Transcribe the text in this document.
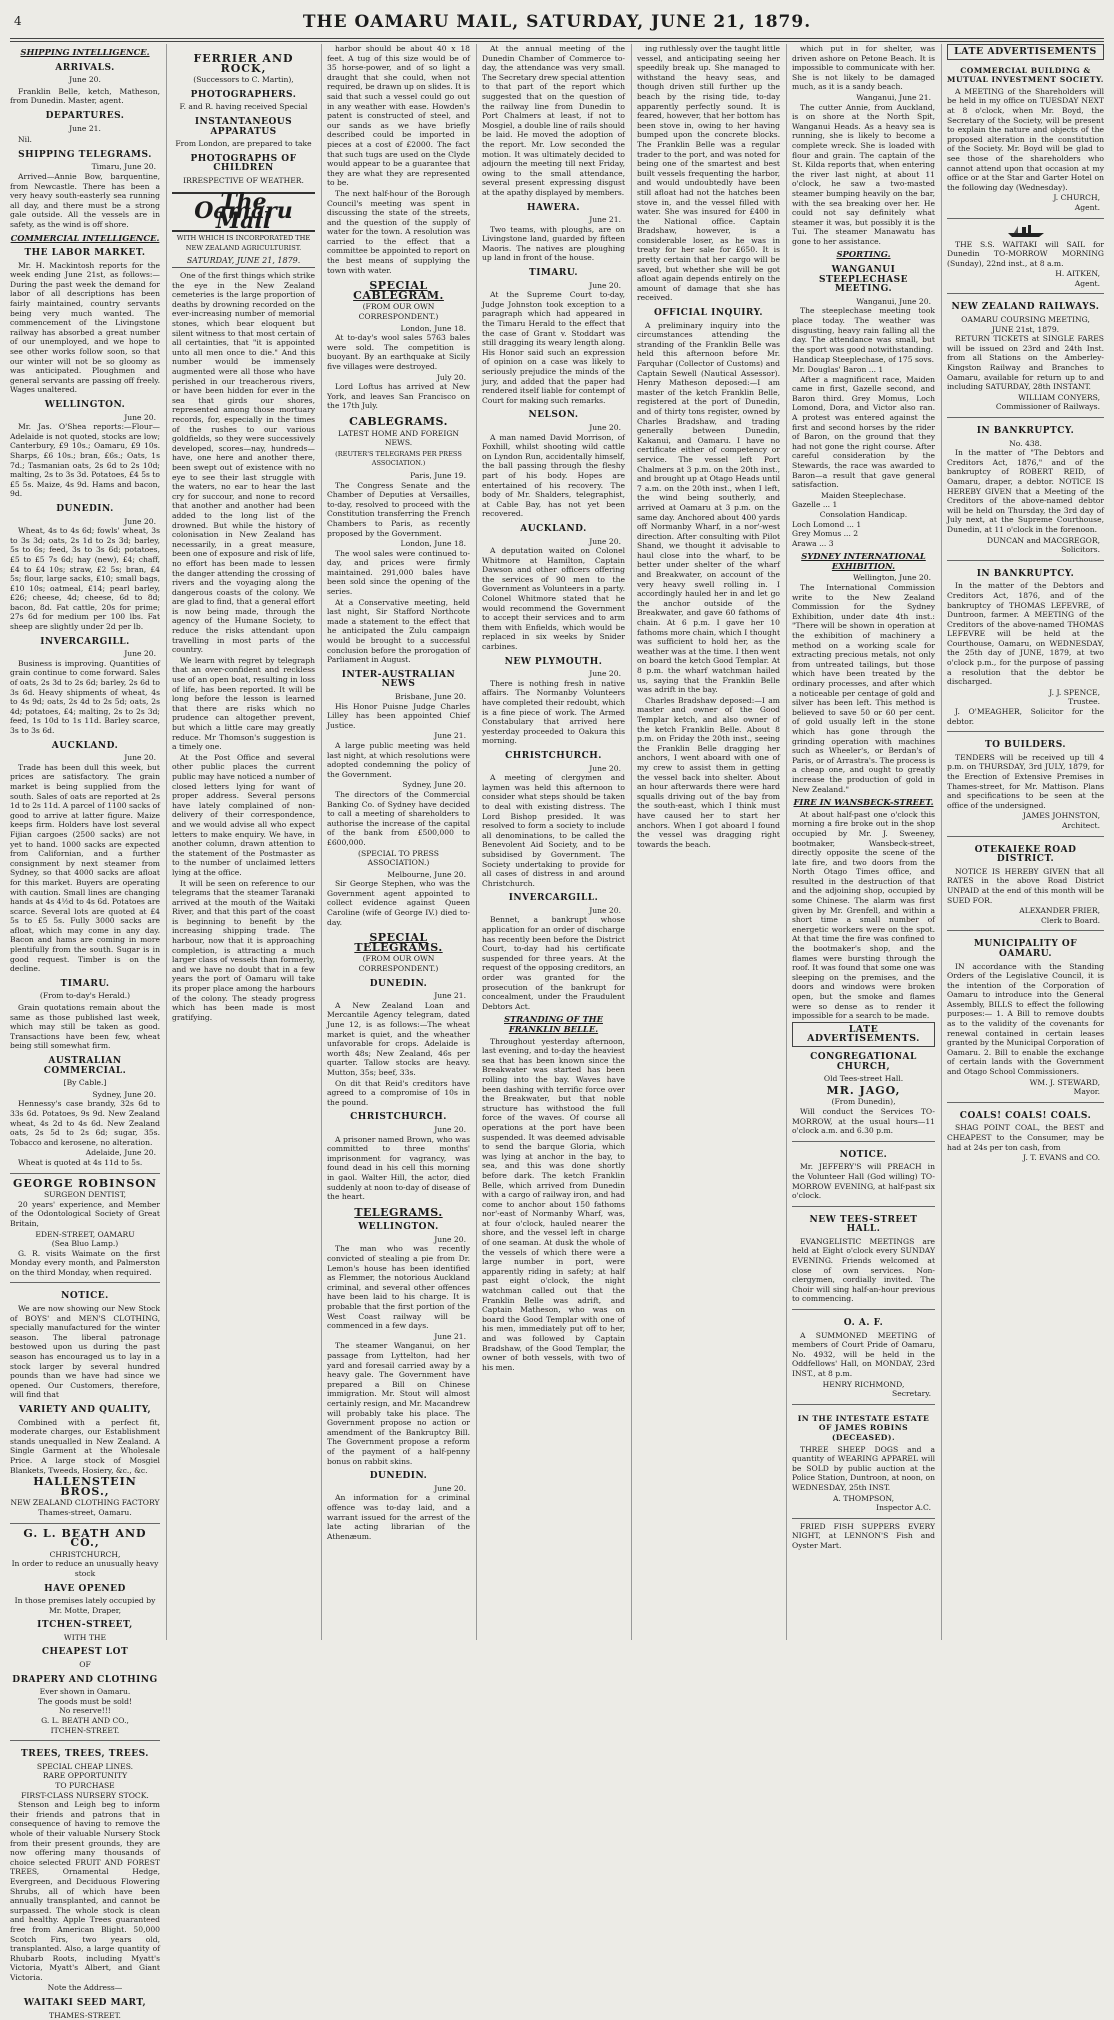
4	THE OAMARU MAIL, SATURDAY, JUNE 21, 1879.
SHIPPING INTELLIGENCE.
ARRIVALS.
June 20.

Franklin Belle, ketch, Matheson, from Dunedin. Master, agent.

DEPARTURES.
June 21.

Nil.

SHIPPING TELEGRAMS.
Timaru, June 20.

Arrived—Annie Bow, barquentine, from Newcastle. There has been a very heavy south-easterly sea running all day, and there must be a strong gale outside. All the vessels are in safety, as the wind is off shore.

COMMERCIAL INTELLIGENCE.
THE LABOR MARKET.

Mr. H. Mackintosh reports for the week ending June 21st, as follows:—During the past week the demand for labor of all descriptions has been fairly maintained, country servants being very much wanted. The commencement of the Livingstone railway has absorbed a great number of our unemployed, and we hope to see other works follow soon, so that our winter will not be so gloomy as was anticipated. Ploughmen and general servants are passing off freely. Wages unaltered.

WELLINGTON.
June 20.

Mr. Jas. O'Shea reports:—Flour—Adelaide is not quoted, stocks are low; Canterbury, £9 10s.; Oamaru, £9 10s. Sharps, £6 10s.; bran, £6s.; Oats, 1s 7d.; Tasmanian oats, 2s 6d to 2s 10d; malting, 2s to 3s 3d. Potatoes, £4 5s to £5 5s. Maize, 4s 9d. Hams and bacon, 9d.

DUNEDIN.
June 20.

Wheat, 4s to 4s 6d; fowls' wheat, 3s to 3s 3d; oats, 2s 1d to 2s 3d; barley, 5s to 6s; feed, 3s to 3s 6d; potatoes, £5 to £5 7s 6d; hay (new), £4; chaff, £4 to £4 10s; straw, £2 5s; bran, £4 5s; flour, large sacks, £10; small bags, £10 10s; oatmeal, £14; pearl barley, £26; cheese, 4d; cheese, 6d to 8d; bacon, 8d. Fat cattle, 20s for prime; 27s 6d for medium per 100 lbs. Fat sheep are slightly under 2d per lb.

INVERCARGILL.
June 20.

Business is improving. Quantities of grain continue to come forward. Sales of oats, 2s 3d to 2s 6d; barley, 2s 6d to 3s 6d. Heavy shipments of wheat, 4s to 4s 9d; oats, 2s 4d to 2s 5d; oats, 2s 4d; potatoes, £4; malting, 2s to 2s 3d; feed, 1s 10d to 1s 11d. Barley scarce, 3s to 3s 6d.

AUCKLAND.
June 20.

Trade has been dull this week, but prices are satisfactory. The grain market is being supplied from the south. Sales of oats are reported at 2s 1d to 2s 11d. A parcel of 1100 sacks of good to arrive at latter figure. Maize keeps firm. Holders have lost several Fijian cargoes (2500 sacks) are not yet to hand. 1000 sacks are expected from Californian, and a further consignment by next steamer from Sydney, so that 4000 sacks are afloat for this market. Buyers are operating with caution. Small lines are changing hands at 4s 4½d to 4s 6d. Potatoes are scarce. Several lots are quoted at £4 5s to £5 5s. Fully 3000 sacks are afloat, which may come in any day. Bacon and hams are coming in more plentifully from the south. Sugar is in good request. Timber is on the decline.

TIMARU.
(From to-day's Herald.)

Grain quotations remain about the same as those published last week, which may still be taken as good. Transactions have been few, wheat being still somewhat firm.

AUSTRALIAN COMMERCIAL.
[By Cable.]
Sydney, June 20.

Hennessy's case brandy, 32s 6d to 33s 6d. Potatoes, 9s 9d. New Zealand wheat, 4s 2d to 4s 6d. New Zealand oats, 2s 5d to 2s 6d; sugar, 35s. Tobacco and kerosene, no alteration.

Adelaide, June 20.

Wheat is quoted at 4s 11d to 5s.

GEORGE ROBINSON
SURGEON DENTIST,

20 years' experience, and Member of the Odontological Society of Great Britain,

EDEN-STREET, OAMARU
(Sea Bluo Lamp.)

G. R. visits Waimate on the first Monday every month, and Palmerston on the third Monday, when required.

NOTICE.

We are now showing our New Stock of BOYS' and MEN'S CLOTHING, specially manufactured for the winter season. The liberal patronage bestowed upon us during the past season has encouraged us to lay in a stock larger by several hundred pounds than we have had since we opened. Our Customers, therefore, will find that

VARIETY AND QUALITY,

Combined with a perfect fit, moderate charges, our Establishment stands unequalled in New Zealand. A Single Garment at the Wholesale Price. A large stock of Mosgiel Blankets, Tweeds, Hosiery, &c., &c.

HALLENSTEIN BROS.,
NEW ZEALAND CLOTHING FACTORY
Thames-street, Oamaru.
G. L. BEATH AND CO.,
CHRISTCHURCH,
In order to reduce an unusually heavy stock
HAVE OPENED
In those premises lately occupied by Mr. Motte, Draper,
ITCHEN-STREET,
WITH THE
CHEAPEST LOT
OF
DRAPERY AND CLOTHING
Ever shown in Oamaru.
The goods must be sold!
No reserve!!!
G. L. BEATH AND CO.,
ITCHEN-STREET.
TREES, TREES, TREES.
SPECIAL CHEAP LINES.
RARE OPPORTUNITY
TO PURCHASE
FIRST-CLASS NURSERY STOCK.

Stenson and Leigh beg to inform their friends and patrons that in consequence of having to remove the whole of their valuable Nursery Stock from their present grounds, they are now offering many thousands of choice selected FRUIT AND FOREST TREES, Ornamental Hedge, Evergreen, and Deciduous Flowering Shrubs, all of which have been annually transplanted, and cannot be surpassed. The whole stock is clean and healthy. Apple Trees guaranteed free from American Blight. 50,000 Scotch Firs, two years old, transplanted. Also, a large quantity of Rhubarb Roots, including Myatt's Victoria, Myatt's Albert, and Giant Victoria.

Note the Address—
WAITAKI SEED MART,
THAMES-STREET.
FERRIER AND ROCK,
(Successors to C. Martin),
PHOTOGRAPHERS.
F. and R. having received Special
INSTANTANEOUS APPARATUS
From London, are prepared to take
PHOTOGRAPHS OF CHILDREN
IRRESPECTIVE OF WEATHER.
The Oamaru Mail
WITH WHICH IS INCORPORATED THE NEW ZEALAND AGRICULTURIST.
SATURDAY, JUNE 21, 1879.

One of the first things which strike the eye in the New Zealand cemeteries is the large proportion of deaths by drowning recorded on the ever-increasing number of memorial stones, which bear eloquent but silent witness to that most certain of all certainties, that "it is appointed unto all men once to die." And this number would be immensely augmented were all those who have perished in our treacherous rivers, or have been hidden for ever in the sea that girds our shores, represented among those mortuary records, for, especially in the times of the rushes to our various goldfields, so they were successively developed, scores—nay, hundreds—have, one here and another there, been swept out of existence with no eye to see their last struggle with the waters, no ear to hear the last cry for succour, and none to record that another and another had been added to the long list of the drowned. But while the history of colonisation in New Zealand has necessarily, in a great measure, been one of exposure and risk of life, no effort has been made to lessen the danger attending the crossing of rivers and the voyaging along the dangerous coasts of the colony. We are glad to find, that a general effort is now being made, through the agency of the Humane Society, to reduce the risks attendant upon travelling in most parts of the country.

We learn with regret by telegraph that an over-confident and reckless use of an open boat, resulting in loss of life, has been reported. It will be long before the lesson is learned that there are risks which no prudence can altogether prevent, but which a little care may greatly reduce. Mr Thomson's suggestion is a timely one.

At the Post Office and several other public places the current public may have noticed a number of closed letters lying for want of proper address. Several persons have lately complained of non-delivery of their correspondence, and we would advise all who expect letters to make enquiry. We have, in another column, drawn attention to the statement of the Postmaster as to the number of unclaimed letters lying at the office.

It will be seen on reference to our telegrams that the steamer Taranaki arrived at the mouth of the Waitaki River, and that this part of the coast is beginning to benefit by the increasing shipping trade. The harbour, now that it is approaching completion, is attracting a much larger class of vessels than formerly, and we have no doubt that in a few years the port of Oamaru will take its proper place among the harbours of the colony. The steady progress which has been made is most gratifying.

harbor should be about 40 x 18 feet. A tug of this size would be of 35 horse-power, and of so light a draught that she could, when not required, be drawn up on slides. It is said that such a vessel could go out in any weather with ease. Howden's patent is constructed of steel, and our sands as we have briefly described could be imported in pieces at a cost of £2000. The fact that such tugs are used on the Clyde would appear to be a guarantee that they are what they are represented to be.

The next half-hour of the Borough Council's meeting was spent in discussing the state of the streets, and the question of the supply of water for the town. A resolution was carried to the effect that a committee be appointed to report on the best means of supplying the town with water.

SPECIAL CABLEGRAM.
(FROM OUR OWN CORRESPONDENT.)
London, June 18.

At to-day's wool sales 5763 bales were sold. The competition is buoyant. By an earthquake at Sicily five villages were destroyed.

July 20.

Lord Loftus has arrived at New York, and leaves San Francisco on the 17th July.

CABLEGRAMS.
LATEST HOME AND FOREIGN NEWS.
(REUTER'S TELEGRAMS PER PRESS ASSOCIATION.)
Paris, June 19.

The Congress Senate and the Chamber of Deputies at Versailles, to-day, resolved to proceed with the Constitution transferring the French Chambers to Paris, as recently proposed by the Government.

London, June 18.

The wool sales were continued to-day, and prices were firmly maintained. 291,000 bales have been sold since the opening of the series.

At a Conservative meeting, held last night, Sir Stafford Northcote made a statement to the effect that he anticipated the Zulu campaign would be brought to a successful conclusion before the prorogation of Parliament in August.

INTER-AUSTRALIAN NEWS
Brisbane, June 20.

His Honor Puisne Judge Charles Lilley has been appointed Chief Justice.

June 21.

A large public meeting was held last night, at which resolutions were adopted condemning the policy of the Government.

Sydney, June 20.

The directors of the Commercial Banking Co. of Sydney have decided to call a meeting of shareholders to authorise the increase of the capital of the bank from £500,000 to £600,000.

(SPECIAL TO PRESS ASSOCIATION.)
Melbourne, June 20.

Sir George Stephen, who was the Government agent appointed to collect evidence against Queen Caroline (wife of George IV.) died to-day.

SPECIAL TELEGRAMS.
(FROM OUR OWN CORRESPONDENT.)
DUNEDIN.
June 21.

A New Zealand Loan and Mercantile Agency telegram, dated June 12, is as follows:—The wheat market is quiet, and the wheather unfavorable for crops. Adelaide is worth 48s; New Zealand, 46s per quarter. Tallow stocks are heavy. Mutton, 35s; beef, 33s.

On dit that Reid's creditors have agreed to a compromise of 10s in the pound.

CHRISTCHURCH.
June 20.

A prisoner named Brown, who was committed to three months' imprisonment for vagrancy, was found dead in his cell this morning in gaol. Walter Hill, the actor, died suddenly at noon to-day of disease of the heart.

TELEGRAMS.
WELLINGTON.
June 20.

The man who was recently convicted of stealing a pie from Dr. Lemon's house has been identified as Flemmer, the notorious Auckland criminal, and several other offences have been laid to his charge. It is probable that the first portion of the West Coast railway will be commenced in a few days.

June 21.

The steamer Wanganui, on her passage from Lyttelton, had her yard and foresail carried away by a heavy gale. The Government have prepared a Bill on Chinese immigration. Mr. Stout will almost certainly resign, and Mr. Macandrew will probably take his place. The Government propose no action or amendment of the Bankruptcy Bill. The Government propose a reform of the payment of a half-penny bonus on rabbit skins.

DUNEDIN.
June 20.

An information for a criminal offence was to-day laid, and a warrant issued for the arrest of the late acting librarian of the Athenæum.

At the annual meeting of the Dunedin Chamber of Commerce to-day, the attendance was very small. The Secretary drew special attention to that part of the report which suggested that on the question of the railway line from Dunedin to Port Chalmers at least, if not to Mosgiel, a double line of rails should be laid. He moved the adoption of the report. Mr. Low seconded the motion. It was ultimately decided to adjourn the meeting till next Friday, owing to the small attendance, several present expressing disgust at the apathy displayed by members.

HAWERA.
June 21.

Two teams, with ploughs, are on Livingstone land, guarded by fifteen Maoris. The natives are ploughing up land in front of the house.

TIMARU.
June 20.

At the Supreme Court to-day, Judge Johnston took exception to a paragraph which had appeared in the Timaru Herald to the effect that the case of Grant v. Stoddart was still dragging its weary length along. His Honor said such an expression of opinion on a case was likely to seriously prejudice the minds of the jury, and added that the paper had rendered itself liable for contempt of Court for making such remarks.

NELSON.
June 20.

A man named David Morrison, of Foxhill, whilst shooting wild cattle on Lyndon Run, accidentally himself, the ball passing through the fleshy part of his body. Hopes are entertained of his recovery. The body of Mr. Shalders, telegraphist, at Cable Bay, has not yet been recovered.

AUCKLAND.
June 20.

A deputation waited on Colonel Whitmore at Hamilton, Captain Dawson and other officers offering the services of 90 men to the Government as Volunteers in a party. Colonel Whitmore stated that he would recommend the Government to accept their services and to arm them with Enfields, which would be replaced in six weeks by Snider carbines.

NEW PLYMOUTH.
June 20.

There is nothing fresh in native affairs. The Normanby Volunteers have completed their redoubt, which is a fine piece of work. The Armed Constabulary that arrived here yesterday proceeded to Oakura this morning.

CHRISTCHURCH.
June 20.

A meeting of clergymen and laymen was held this afternoon to consider what steps should be taken to deal with existing distress. The Lord Bishop presided. It was resolved to form a society to include all denominations, to be called the Benevolent Aid Society, and to be subsidised by Government. The Society undertaking to provide for all cases of distress in and around Christchurch.

INVERCARGILL.
June 20.

Bennet, a bankrupt whose application for an order of discharge has recently been before the District Court, to-day had his certificate suspended for three years. At the request of the opposing creditors, an order was granted for the prosecution of the bankrupt for concealment, under the Fraudulent Debtors Act.

STRANDING OF THE FRANKLIN BELLE.

Throughout yesterday afternoon, last evening, and to-day the heaviest sea that has been known since the Breakwater was started has been rolling into the bay. Waves have been dashing with terrific force over the Breakwater, but that noble structure has withstood the full force of the waves. Of course all operations at the port have been suspended. It was deemed advisable to send the barque Gloria, which was lying at anchor in the bay, to sea, and this was done shortly before dark. The ketch Franklin Belle, which arrived from Dunedin with a cargo of railway iron, and had come to anchor about 150 fathoms nor'-east of Normanby Wharf, was, at four o'clock, hauled nearer the shore, and the vessel left in charge of one seaman. At dusk the whole of the vessels of which there were a large number in port, were apparently riding in safety; at half past eight o'clock, the night watchman called out that the Franklin Belle was adrift, and Captain Matheson, who was on board the Good Templar with one of his men, immediately put off to her, and was followed by Captain Bradshaw, of the Good Templar, the owner of both vessels, with two of his men.

ing ruthlessly over the taught little vessel, and anticipating seeing her speedily break up. She managed to withstand the heavy seas, and though driven still further up the beach by the rising tide, to-day apparently perfectly sound. It is feared, however, that her bottom has been stove in, owing to her having bumped upon the concrete blocks. The Franklin Belle was a regular trader to the port, and was noted for being one of the smartest and best built vessels frequenting the harbor, and would undoubtedly have been still afloat had not the hatches been stove in, and the vessel filled with water. She was insured for £400 in the National office. Captain Bradshaw, however, is a considerable loser, as he was in treaty for her sale for £650. It is pretty certain that her cargo will be saved, but whether she will be got afloat again depends entirely on the amount of damage that she has received.

OFFICIAL INQUIRY.

A preliminary inquiry into the circumstances attending the stranding of the Franklin Belle was held this afternoon before Mr. Farquhar (Collector of Customs) and Captain Sewell (Nautical Assessor). Henry Matheson deposed:—I am master of the ketch Franklin Belle, registered at the port of Dunedin, and of thirty tons register, owned by Charles Bradshaw, and trading generally between Dunedin, Kakanui, and Oamaru. I have no certificate either of competency or service. The vessel left Port Chalmers at 3 p.m. on the 20th inst., and brought up at Otago Heads until 7 a.m. on the 20th inst., when I left, the wind being southerly, and arrived at Oamaru at 3 p.m. on the same day. Anchored about 400 yards off Normanby Wharf, in a nor'-west direction. After consulting with Pilot Shand, we thought it advisable to haul close into the wharf, to be better under shelter of the wharf and Breakwater, on account of the very heavy swell rolling in. I accordingly hauled her in and let go the anchor outside of the Breakwater, and gave 60 fathoms of chain. At 6 p.m. I gave her 10 fathoms more chain, which I thought was sufficient to hold her, as the weather was at the time. I then went on board the ketch Good Templar. At 8 p.m. the wharf watchman hailed us, saying that the Franklin Belle was adrift in the bay.

Charles Bradshaw deposed:—I am master and owner of the Good Templar ketch, and also owner of the ketch Franklin Belle. About 8 p.m. on Friday the 20th inst., seeing the Franklin Belle dragging her anchors, I went aboard with one of my crew to assist them in getting the vessel back into shelter. About an hour afterwards there were hard squalls driving out of the bay from the south-east, which I think must have caused her to start her anchors. When I got aboard I found the vessel was dragging right towards the beach.

which put in for shelter, was driven ashore on Petone Beach. It is impossible to communicate with her. She is not likely to be damaged much, as it is a sandy beach.

Wanganui, June 21.

The cutter Annie, from Auckland, is on shore at the North Spit, Wanganui Heads. As a heavy sea is running, she is likely to become a complete wreck. She is loaded with flour and grain. The captain of the St. Kilda reports that, when entering the river last night, at about 11 o'clock, he saw a two-masted steamer bumping heavily on the bar, with the sea breaking over her. He could not say definitely what steamer it was, but possibly it is the Tui. The steamer Manawatu has gone to her assistance.

SPORTING.
WANGANUI STEEPLECHASE MEETING.
Wanganui, June 20.

The steeplechase meeting took place today. The weather was disgusting, heavy rain falling all the day. The attendance was small, but the sport was good notwithstanding.

Handicap Steeplechase, of 175 sovs.
Mr. Douglas' Baron ... 1

After a magnificent race, Maiden came in first, Gazelle second, and Baron third. Grey Momus, Loch Lomond, Dora, and Victor also ran. A protest was entered against the first and second horses by the rider of Baron, on the ground that they had not gone the right course. After careful consideration by the Stewards, the race was awarded to Baron—a result that gave general satisfaction.

Maiden Steeplechase.
Gazelle ... 1
Consolation Handicap.
Loch Lomond ... 1
Grey Momus ... 2
Arawa ... 3
SYDNEY INTERNATIONAL EXHIBITION.
Wellington, June 20.

The International Commission write to the New Zealand Commission for the Sydney Exhibition, under date 4th inst.: "There will be shown in operation at the exhibition of machinery a method on a working scale for extracting precious metals, not only from untreated tailings, but those which have been treated by the ordinary processes, and after which a noticeable per centage of gold and silver has been left. This method is believed to save 50 or 60 per cent. of gold usually left in the stone which has gone through the grinding operation with machines such as Wheeler's, or Berdan's of Paris, or of Arrastra's. The process is a cheap one, and ought to greatly increase the production of gold in New Zealand."

FIRE IN WANSBECK-STREET.

At about half-past one o'clock this morning a fire broke out in the shop occupied by Mr. J. Sweeney, bootmaker, Wansbeck-street, directly opposite the scene of the late fire, and two doors from the North Otago Times office, and resulted in the destruction of that and the adjoining shop, occupied by some Chinese. The alarm was first given by Mr. Grenfell, and within a short time a small number of energetic workers were on the spot. At that time the fire was confined to the bootmaker's shop, and the flames were bursting through the roof. It was found that some one was sleeping on the premises, and the doors and windows were broken open, but the smoke and flames were so dense as to render it impossible for a search to be made.

LATE ADVERTISEMENTS.
CONGREGATIONAL CHURCH,
Old Tees-street Hall.
MR. JAGO,
(From Dunedin),

Will conduct the Services TO-MORROW, at the usual hours—11 o'clock a.m. and 6.30 p.m.

NOTICE.

Mr. JEFFERY'S will PREACH in the Volunteer Hall (God willing) TO-MORROW EVENING, at half-past six o'clock.

NEW TEES-STREET HALL.

EVANGELISTIC MEETINGS are held at Eight o'clock every SUNDAY EVENING. Friends welcomed at close of own services. Non-clergymen, cordially invited. The Choir will sing half-an-hour previous to commencing.

O. A. F.

A SUMMONED MEETING of members of Court Pride of Oamaru, No. 4932, will be held in the Oddfellows' Hall, on MONDAY, 23rd INST., at 8 p.m.

HENRY RICHMOND,
Secretary.
IN THE INTESTATE ESTATE OF JAMES ROBINS (DECEASED).

THREE SHEEP DOGS and a quantity of WEARING APPAREL will be SOLD by public auction at the Police Station, Duntroon, at noon, on WEDNESDAY, 25th INST.

A. THOMPSON,
Inspector A.C.

FRIED FISH SUPPERS EVERY NIGHT, at LENNON'S Fish and Oyster Mart.

LATE ADVERTISEMENTS
COMMERCIAL BUILDING & MUTUAL INVESTMENT SOCIETY.

A MEETING of the Shareholders will be held in my office on TUESDAY NEXT at 8 o'clock, when Mr. Boyd, the Secretary of the Society, will be present to explain the nature and objects of the proposed alteration in the constitution of the Society. Mr. Boyd will be glad to see those of the shareholders who cannot attend upon that occasion at my office or at the Star and Garter Hotel on the following day (Wednesday).

J. CHURCH,
Agent.

THE S.S. WAITAKI will SAIL for Dunedin TO-MORROW MORNING (Sunday), 22nd inst., at 8 a.m.

H. AITKEN,
Agent.
NEW ZEALAND RAILWAYS.
OAMARU COURSING MEETING,
JUNE 21st, 1879.

RETURN TICKETS at SINGLE FARES will be issued on 23rd and 24th Inst. from all Stations on the Amberley-Kingston Railway and Branches to Oamaru, available for return up to and including SATURDAY, 28th INSTANT.

WILLIAM CONYERS,
Commissioner of Railways.
IN BANKRUPTCY.
No. 438.

In the matter of "The Debtors and Creditors Act, 1876," and of the bankruptcy of ROBERT REID, of Oamaru, draper, a debtor. NOTICE IS HEREBY GIVEN that a Meeting of the Creditors of the above-named debtor will be held on Thursday, the 3rd day of July next, at the Supreme Courthouse, Dunedin, at 11 o'clock in the forenoon.

DUNCAN and MACGREGOR,
Solicitors.
IN BANKRUPTCY.

In the matter of the Debtors and Creditors Act, 1876, and of the bankruptcy of THOMAS LEFEVRE, of Duntroon, farmer. A MEETING of the Creditors of the above-named THOMAS LEFEVRE will be held at the Courthouse, Oamaru, on WEDNESDAY, the 25th day of JUNE, 1879, at two o'clock p.m., for the purpose of passing a resolution that the debtor be discharged.

J. J. SPENCE,
Trustee.

J. O'MEAGHER, Solicitor for the debtor.

TO BUILDERS.

TENDERS will be received up till 4 p.m. on THURSDAY, 3rd JULY, 1879, for the Erection of Extensive Premises in Thames-street, for Mr. Mattison. Plans and specifications to be seen at the office of the undersigned.

JAMES JOHNSTON,
Architect.
OTEKAIEKE ROAD DISTRICT.

NOTICE IS HEREBY GIVEN that all RATES in the above Road District UNPAID at the end of this month will be SUED FOR.

ALEXANDER FRIER,
Clerk to Board.
MUNICIPALITY OF OAMARU.

IN accordance with the Standing Orders of the Legislative Council, it is the intention of the Corporation of Oamaru to introduce into the General Assembly, BILLS to effect the following purposes:— 1. A Bill to remove doubts as to the validity of the covenants for renewal contained in certain leases granted by the Municipal Corporation of Oamaru. 2. Bill to enable the exchange of certain lands with the Government and Otago School Commissioners.

WM. J. STEWARD,
Mayor.
COALS! COALS! COALS.

SHAG POINT COAL, the BEST and CHEAPEST to the Consumer, may be had at 24s per ton cash, from

J. T. EVANS and CO.
